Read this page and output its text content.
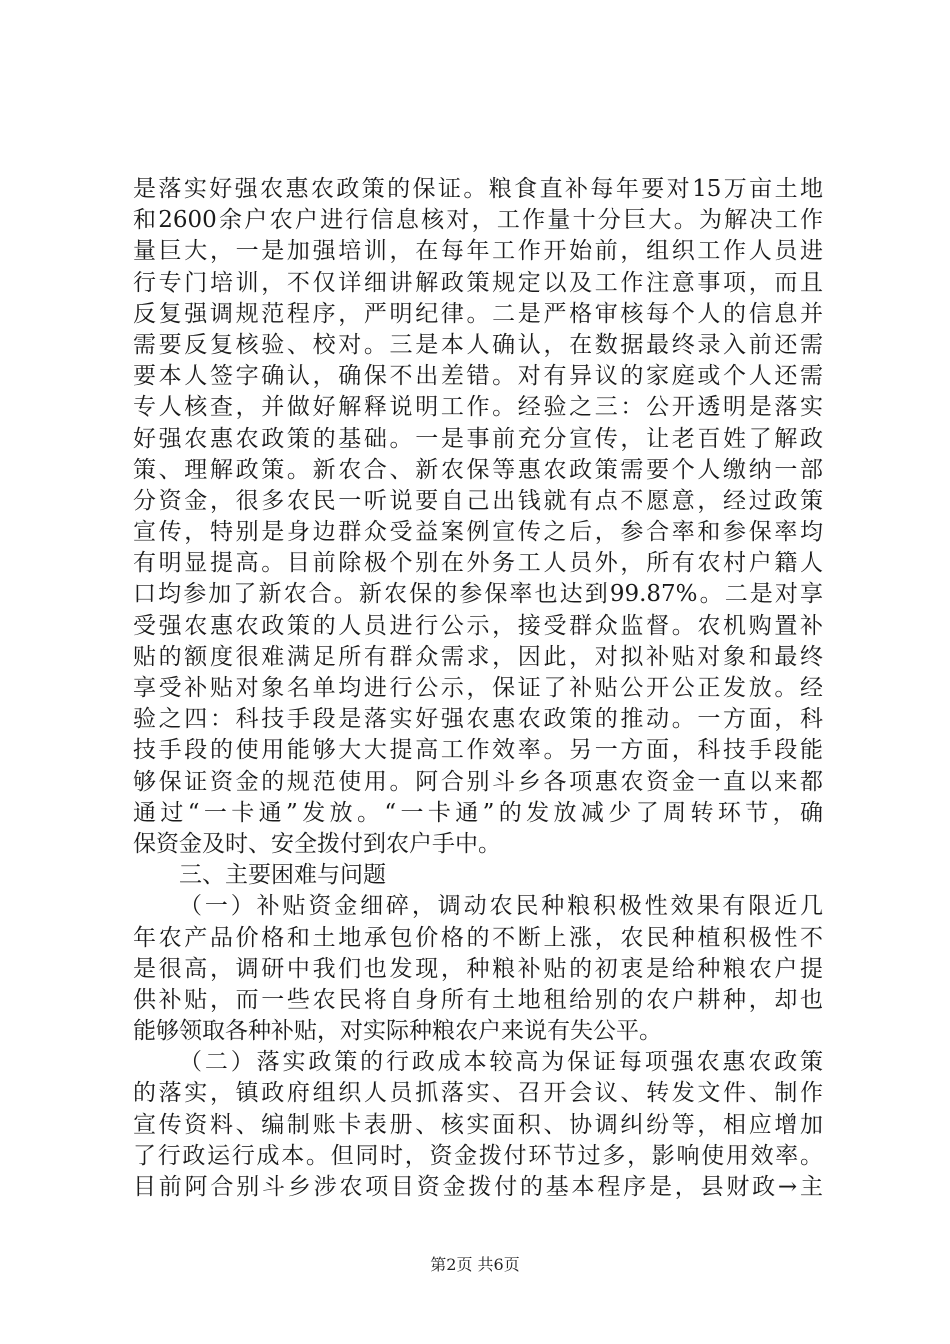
是落实好强农惠农政策的保证。粮食直补每年要对15万亩土地
和2600余户农户进行信息核对，工作量十分巨大。为解决工作
量巨大，一是加强培训，在每年工作开始前，组织工作人员进
行专门培训，不仅详细讲解政策规定以及工作注意事项，而且
反复强调规范程序，严明纪律。二是严格审核每个人的信息并
需要反复核验、校对。三是本人确认，在数据最终录入前还需
要本人签字确认，确保不出差错。对有异议的家庭或个人还需
专人核查，并做好解释说明工作。经验之三：公开透明是落实
好强农惠农政策的基础。一是事前充分宣传，让老百姓了解政
策、理解政策。新农合、新农保等惠农政策需要个人缴纳一部
分资金，很多农民一听说要自己出钱就有点不愿意，经过政策
宣传，特别是身边群众受益案例宣传之后，参合率和参保率均
有明显提高。目前除极个别在外务工人员外，所有农村户籍人
口均参加了新农合。新农保的参保率也达到99.87%。二是对享
受强农惠农政策的人员进行公示，接受群众监督。农机购置补
贴的额度很难满足所有群众需求，因此，对拟补贴对象和最终
享受补贴对象名单均进行公示，保证了补贴公开公正发放。经
验之四：科技手段是落实好强农惠农政策的推动。一方面，科
技手段的使用能够大大提高工作效率。另一方面，科技手段能
够保证资金的规范使用。阿合别斗乡各项惠农资金一直以来都
通过“一卡通”发放。“一卡通”的发放减少了周转环节，确
保资金及时、安全拨付到农户手中。
三、主要困难与问题
（一）补贴资金细碎，调动农民种粮积极性效果有限近几
年农产品价格和土地承包价格的不断上涨，农民种植积极性不
是很高，调研中我们也发现，种粮补贴的初衷是给种粮农户提
供补贴，而一些农民将自身所有土地租给别的农户耕种，却也
能够领取各种补贴，对实际种粮农户来说有失公平。
（二）落实政策的行政成本较高为保证每项强农惠农政策
的落实，镇政府组织人员抓落实、召开会议、转发文件、制作
宣传资料、编制账卡表册、核实面积、协调纠纷等，相应增加
了行政运行成本。但同时，资金拨付环节过多，影响使用效率。
目前阿合别斗乡涉农项目资金拨付的基本程序是，县财政→主
第2页 共6页
